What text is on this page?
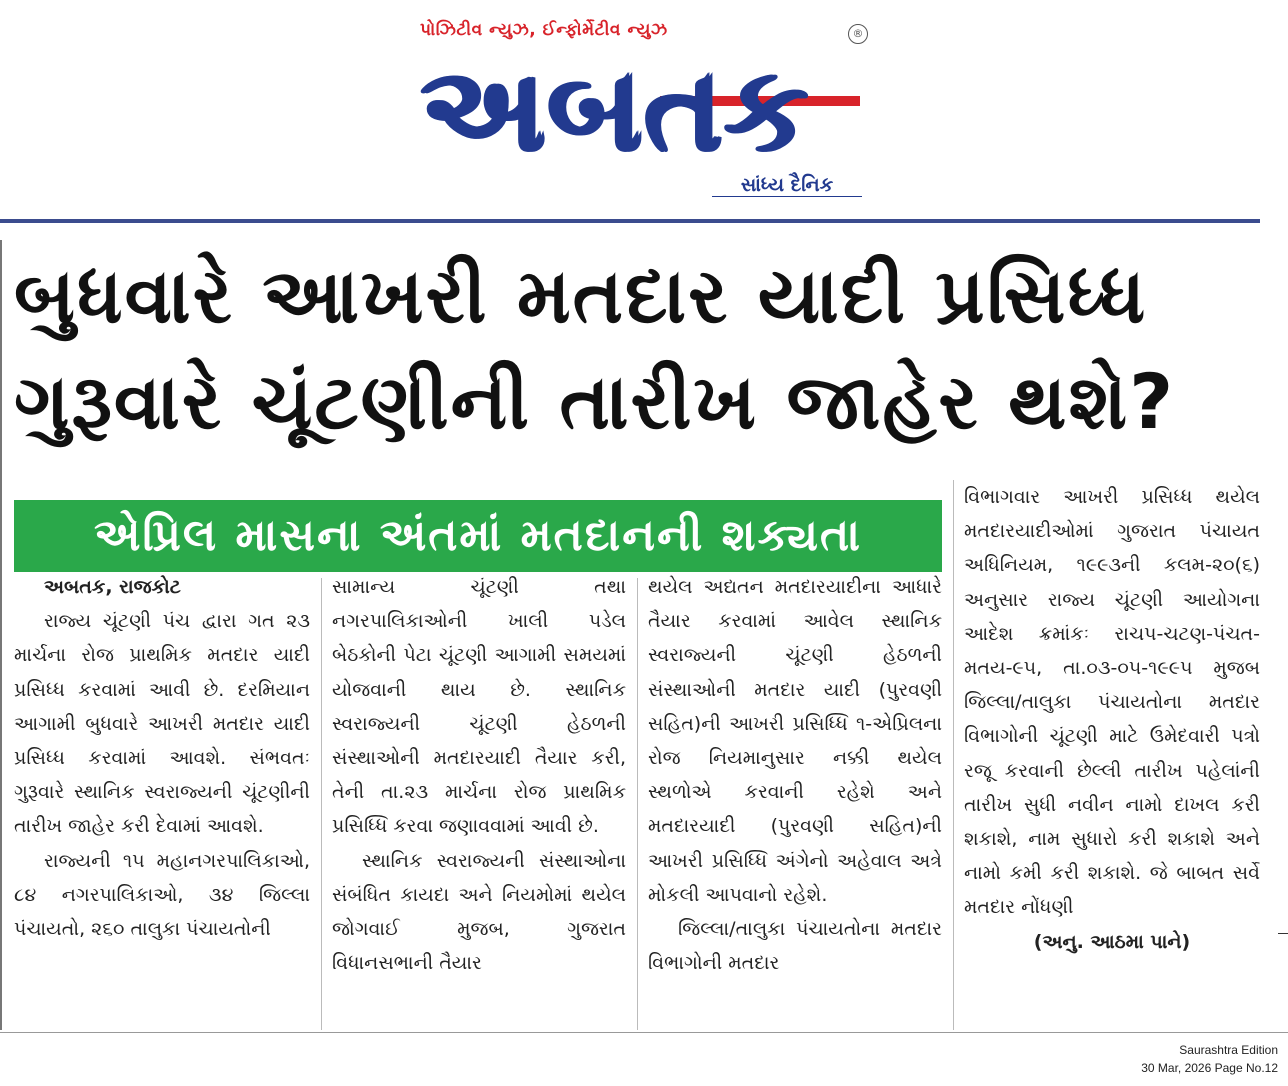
પોઝિટીવ ન્યુઝ, ઈન્ફોર્મેટીવ ન્યુઝ	®
અબતક
સાંધ્ય દૈનિક
બુધવારે આખરી મતદાર યાદી પ્રસિધ્ધ
ગુરૂવારે ચૂંટણીની તારીખ જાહેર થશે?
એપ્રિલ માસના અંતમાં મતદાનની શક્યતા

અબતક, રાજકોટ

રાજ્ય ચૂંટણી પંચ દ્વારા ગત ૨૩ માર્ચના રોજ પ્રાથમિક મતદાર યાદી પ્રસિધ્ધ કરવામાં આવી છે. દરમિયાન આગામી બુધવારે આખરી મતદાર યાદી પ્રસિધ્ધ કરવામાં આવશે. સંભવતઃ ગુરૂવારે સ્થાનિક સ્વરાજ્યની ચૂંટણીની તારીખ જાહેર કરી દેવામાં આવશે.

રાજ્યની ૧૫ મહાનગરપાલિકાઓ, ૮૪ નગરપાલિકાઓ, ૩૪ જિલ્લા પંચાયતો, ૨૬૦ તાલુકા પંચાયતોની

સામાન્ય ચૂંટણી તથા નગરપાલિકાઓની ખાલી પડેલ બેઠકોની પેટા ચૂંટણી આગામી સમયમાં યોજવાની થાય છે. સ્થાનિક સ્વરાજ્યની ચૂંટણી હેઠળની સંસ્થાઓની મતદારયાદી તૈયાર કરી, તેની તા.૨૩ માર્ચના રોજ પ્રાથમિક પ્રસિધ્ધિ કરવા જણાવવામાં આવી છે.

સ્થાનિક સ્વરાજ્યની સંસ્થાઓના સંબંધિત કાયદા અને નિયમોમાં થયેલ જોગવાઈ મુજબ, ગુજરાત વિધાનસભાની તૈયાર

થયેલ અદ્યતન મતદારયાદીના આધારે તૈયાર કરવામાં આવેલ સ્થાનિક સ્વરાજ્યની ચૂંટણી હેઠળની સંસ્થાઓની મતદાર યાદી (પુરવણી સહિત)ની આખરી પ્રસિધ્ધિ ૧-એપ્રિલના રોજ નિયમાનુસાર નક્કી થયેલ સ્થળોએ કરવાની રહેશે અને મતદારયાદી (પુરવણી સહિત)ની આખરી પ્રસિધ્ધિ અંગેનો અહેવાલ અત્રે મોકલી આપવાનો રહેશે.

જિલ્લા/તાલુકા પંચાયતોના મતદાર વિભાગોની મતદાર

વિભાગવાર આખરી પ્રસિધ્ધ થયેલ મતદારયાદીઓમાં ગુજરાત પંચાયત અધિનિયમ, ૧૯૯૩ની કલમ-૨૦(૬) અનુસાર રાજ્ય ચૂંટણી આયોગના આદેશ ક્રમાંકઃ રાચપ-ચટણ-પંચત-મતય-૯૫, તા.૦૩-૦૫-૧૯૯૫ મુજબ જિલ્લા/તાલુકા પંચાયતોના મતદાર વિભાગોની ચૂંટણી માટે ઉમેદવારી પત્રો રજૂ કરવાની છેલ્લી તારીખ પહેલાંની તારીખ સુધી નવીન નામો દાખલ કરી શકાશે, નામ સુધારો કરી શકાશે અને નામો કમી કરી શકાશે. જે બાબત સર્વે મતદાર નોંધણી

(અનુ. આઠમા પાને)

Saurashtra Edition
30 Mar, 2026 Page No.12
